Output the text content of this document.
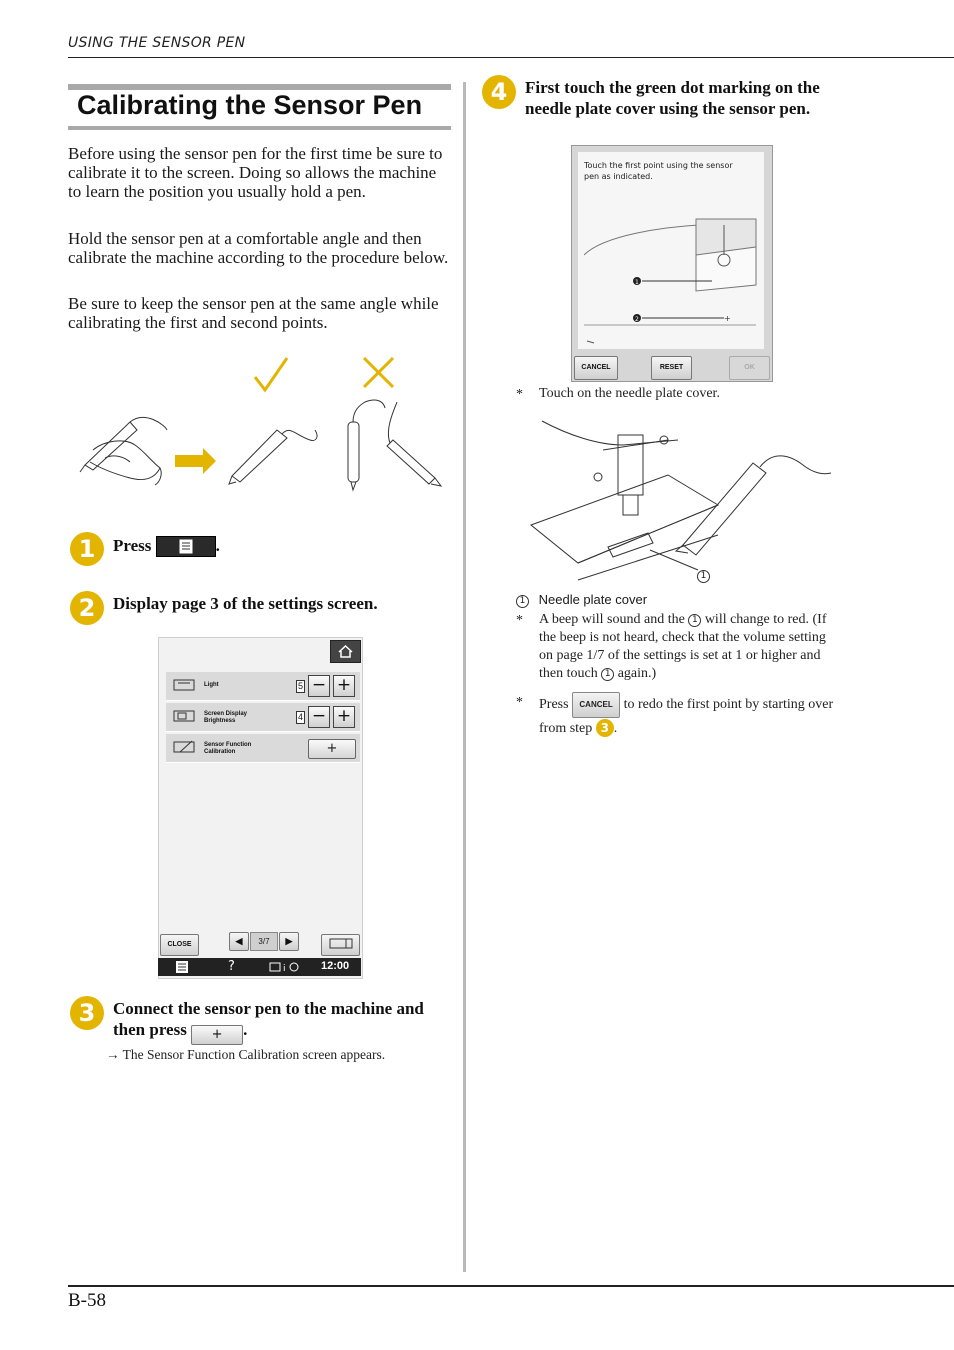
USING THE SENSOR PEN
Calibrating the Sensor Pen
Before using the sensor pen for the first time be sure to calibrate it to the screen. Doing so allows the machine to learn the position you usually hold a pen.
Hold the sensor pen at a comfortable angle and then calibrate the machine according to the procedure below.
Be sure to keep the sensor pen at the same angle while calibrating the first and second points.
1	Press	.
2	Display page 3 of the settings screen.
Light	5 − +
Screen Display
Brightness	4 − +
Sensor Function
Calibration	+
CLOSE	◀	3/7	▶
?	i	12:00
3	Connect the sensor pen to the machine and
then press + .
→ The Sensor Function Calibration screen appears.
4	First touch the green dot marking on the
needle plate cover using the sensor pen.
Touch the first point using the sensor
pen as indicated.
1
2	+
CANCEL	RESET	OK
* Touch on the needle plate cover.
1
1 Needle plate cover
* A beep will sound and the 1 will change to red. (If
the beep is not heard, check that the volume setting
on page 1/7 of the settings is set at 1 or higher and
then touch 1 again.)
* Press CANCEL to redo the first point by starting over
from step 3 .
B-58
